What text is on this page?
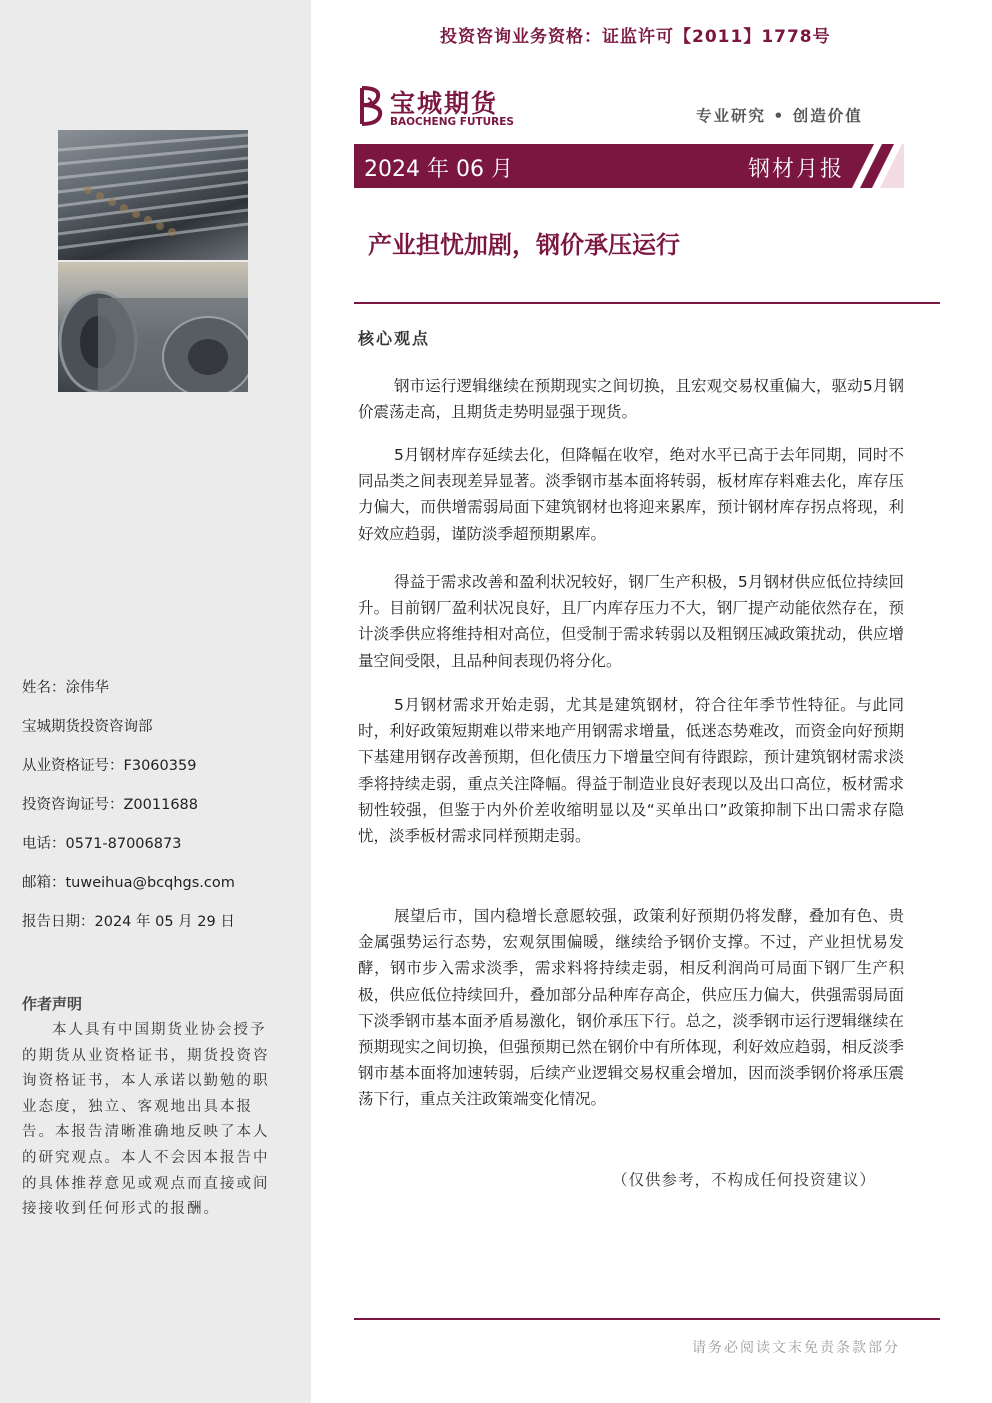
姓名：涂伟华
宝城期货投资咨询部
从业资格证号：F3060359
投资咨询证号：Z0011688
电话：0571-87006873
邮箱：tuweihua@bcqhgs.com
报告日期：2024 年 05 月 29 日
作者声明
本人具有中国期货业协会授予的期货从业资格证书，期货投资咨询资格证书，本人承诺以勤勉的职业态度，独立、客观地出具本报告。本报告清晰准确地反映了本人的研究观点。本人不会因本报告中的具体推荐意见或观点而直接或间接接收到任何形式的报酬。
投资咨询业务资格：证监许可【2011】1778号
宝城期货
BAOCHENG FUTURES	专业研究 • 创造价值
2024 年 06 月	钢材月报
产业担忧加剧，钢价承压运行
核心观点
钢市运行逻辑继续在预期现实之间切换，且宏观交易权重偏大，驱动5月钢价震荡走高，且期货走势明显强于现货。
5月钢材库存延续去化，但降幅在收窄，绝对水平已高于去年同期，同时不同品类之间表现差异显著。淡季钢市基本面将转弱，板材库存料难去化，库存压力偏大，而供增需弱局面下建筑钢材也将迎来累库，预计钢材库存拐点将现，利好效应趋弱，谨防淡季超预期累库。
得益于需求改善和盈利状况较好，钢厂生产积极，5月钢材供应低位持续回升。目前钢厂盈利状况良好，且厂内库存压力不大，钢厂提产动能依然存在，预计淡季供应将维持相对高位，但受制于需求转弱以及粗钢压减政策扰动，供应增量空间受限，且品种间表现仍将分化。
5月钢材需求开始走弱，尤其是建筑钢材，符合往年季节性特征。与此同时，利好政策短期难以带来地产用钢需求增量，低迷态势难改，而资金向好预期下基建用钢存改善预期，但化债压力下增量空间有待跟踪，预计建筑钢材需求淡季将持续走弱，重点关注降幅。得益于制造业良好表现以及出口高位，板材需求韧性较强，但鉴于内外价差收缩明显以及“买单出口”政策抑制下出口需求存隐忧，淡季板材需求同样预期走弱。
展望后市，国内稳增长意愿较强，政策利好预期仍将发酵，叠加有色、贵金属强势运行态势，宏观氛围偏暖，继续给予钢价支撑。不过，产业担忧易发酵，钢市步入需求淡季，需求料将持续走弱，相反利润尚可局面下钢厂生产积极，供应低位持续回升，叠加部分品种库存高企，供应压力偏大，供强需弱局面下淡季钢市基本面矛盾易激化，钢价承压下行。总之，淡季钢市运行逻辑继续在预期现实之间切换，但强预期已然在钢价中有所体现，利好效应趋弱，相反淡季钢市基本面将加速转弱，后续产业逻辑交易权重会增加，因而淡季钢价将承压震荡下行，重点关注政策端变化情况。
（仅供参考，不构成任何投资建议）
请务必阅读文末免责条款部分
